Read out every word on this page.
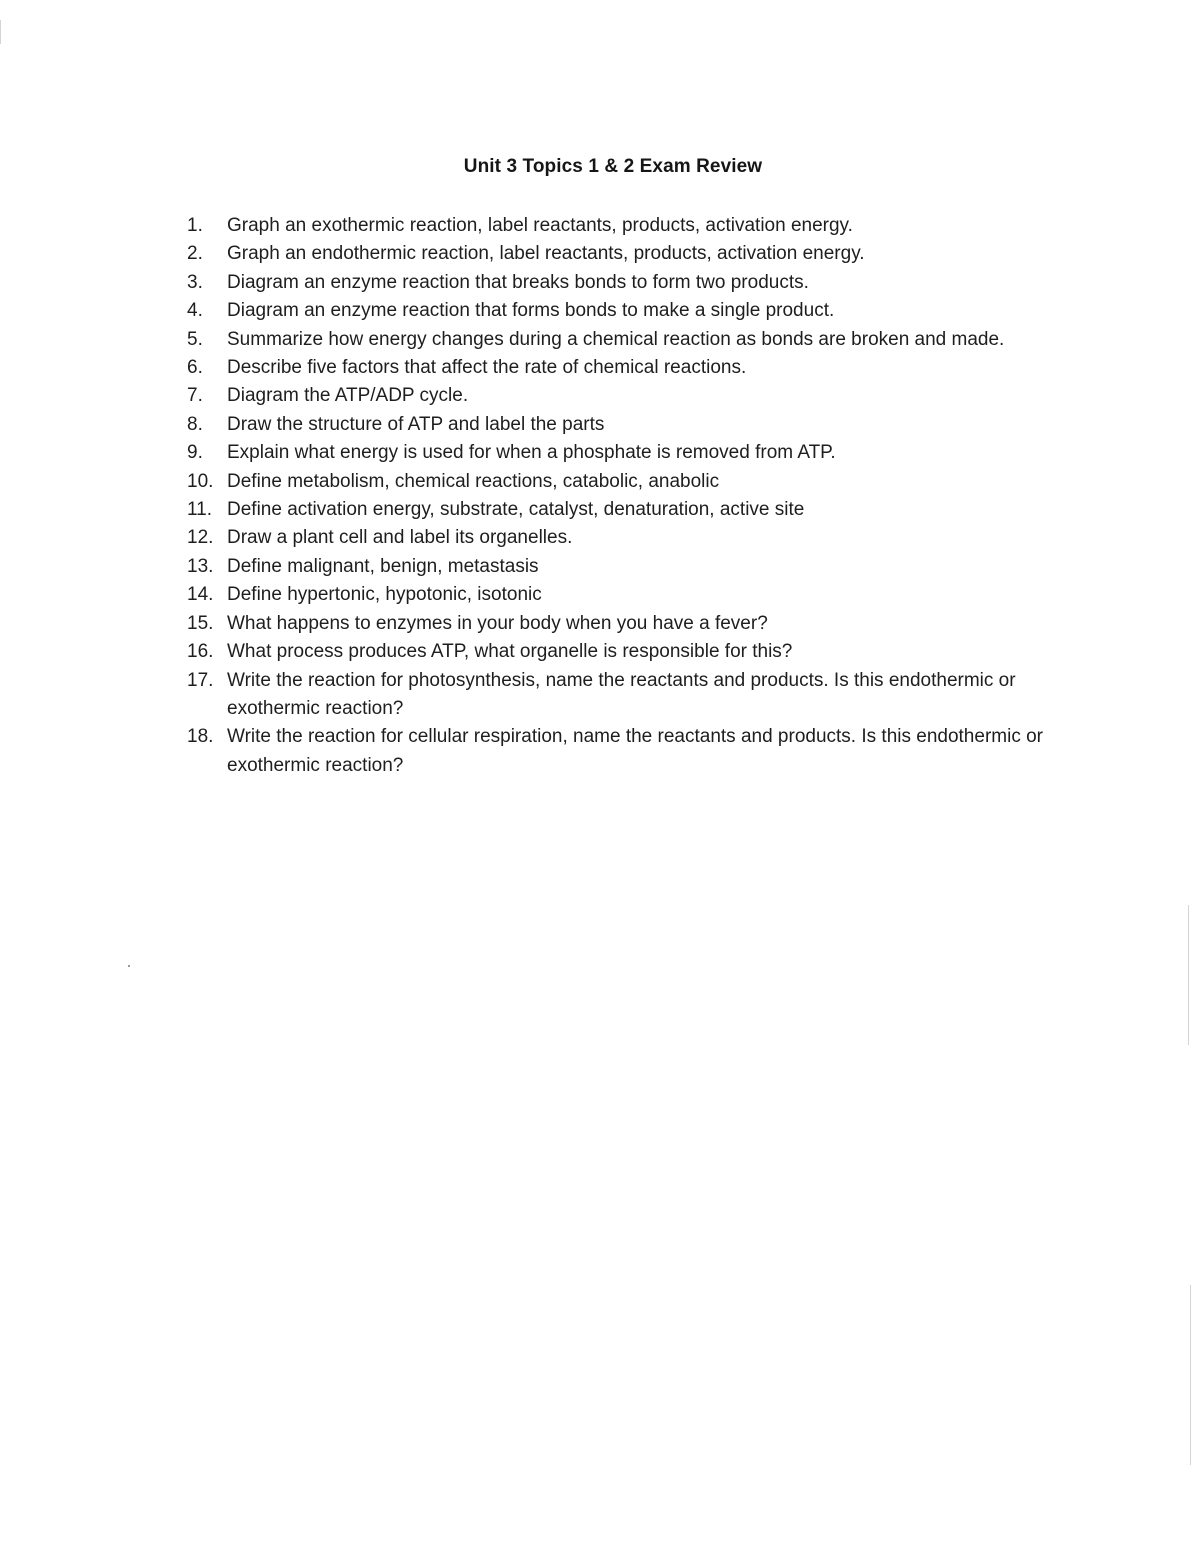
Unit 3 Topics 1 & 2 Exam Review
1.	Graph an exothermic reaction, label reactants, products, activation energy.
2.	Graph an endothermic reaction, label reactants, products, activation energy.
3.	Diagram an enzyme reaction that breaks bonds to form two products.
4.	Diagram an enzyme reaction that forms bonds to make a single product.
5.	Summarize how energy changes during a chemical reaction as bonds are broken and made.
6.	Describe five factors that affect the rate of chemical reactions.
7.	Diagram the ATP/ADP cycle.
8.	Draw the structure of ATP and label the parts
9.	Explain what energy is used for when a phosphate is removed from ATP.
10. Define metabolism, chemical reactions, catabolic, anabolic
11. Define activation energy, substrate, catalyst, denaturation, active site
12. Draw a plant cell and label its organelles.
13. Define malignant, benign, metastasis
14. Define hypertonic, hypotonic, isotonic
15. What happens to enzymes in your body when you have a fever?
16. What process produces ATP, what organelle is responsible for this?
17. Write the reaction for photosynthesis, name the reactants and products. Is this endothermic or exothermic reaction?
18. Write the reaction for cellular respiration, name the reactants and products. Is this endothermic or exothermic reaction?
